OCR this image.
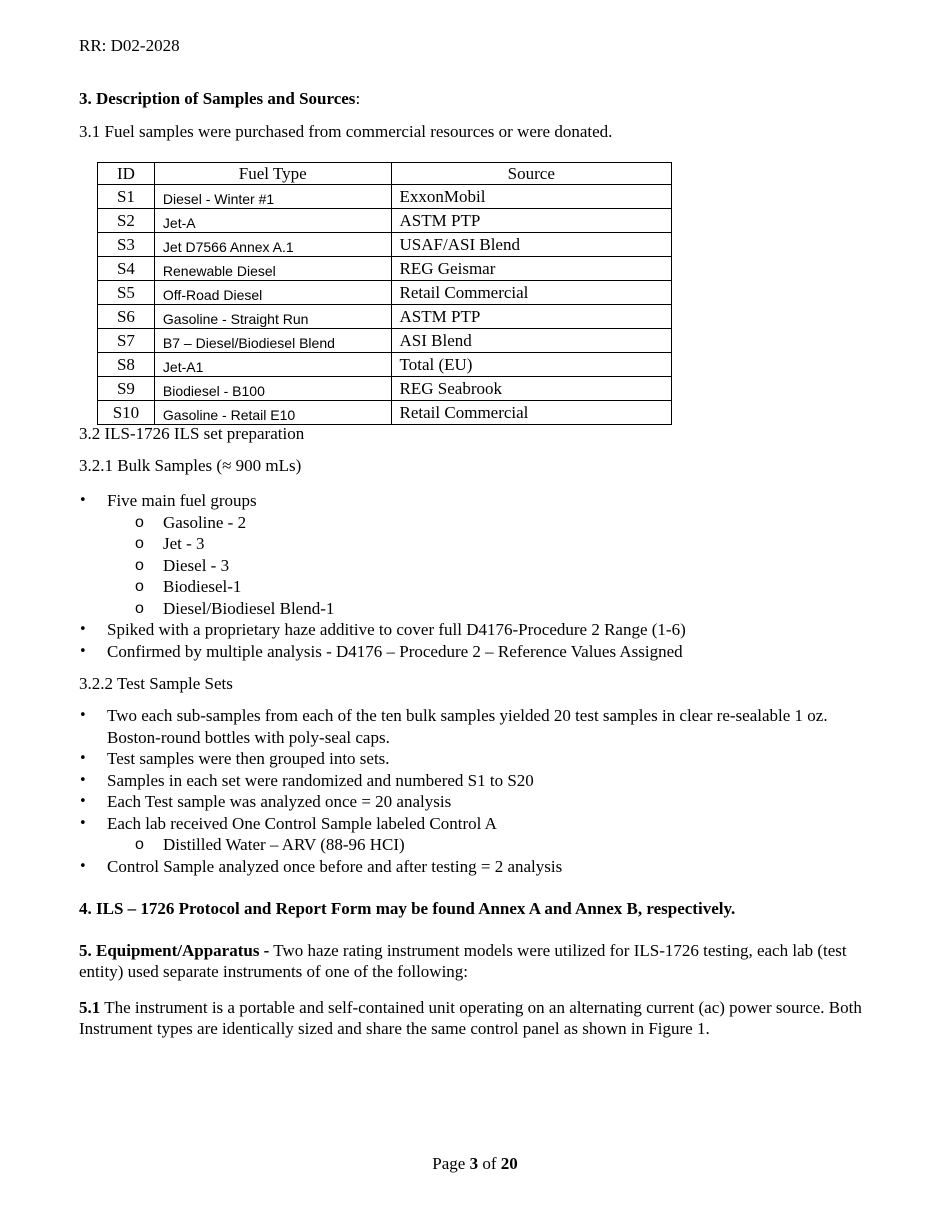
RR: D02-2028
3. Description of Samples and Sources:
3.1 Fuel samples were purchased from commercial resources or were donated.
ID	Fuel Type	Source
S1	Diesel - Winter #1	ExxonMobil
S2	Jet-A	ASTM PTP
S3	Jet D7566 Annex A.1	USAF/ASI Blend
S4	Renewable Diesel	REG Geismar
S5	Off-Road Diesel	Retail Commercial
S6	Gasoline - Straight Run	ASTM PTP
S7	B7 – Diesel/Biodiesel Blend	ASI Blend
S8	Jet-A1	Total (EU)
S9	Biodiesel - B100	REG Seabrook
S10	Gasoline - Retail E10	Retail Commercial
3.2 ILS-1726 ILS set preparation
3.2.1 Bulk Samples (≈ 900 mLs)
• Five main fuel groups
o Gasoline - 2
o Jet - 3
o Diesel - 3
o Biodiesel-1
o Diesel/Biodiesel Blend-1
• Spiked with a proprietary haze additive to cover full D4176-Procedure 2 Range (1-6)
• Confirmed by multiple analysis - D4176 – Procedure 2 – Reference Values Assigned
3.2.2 Test Sample Sets
• Two each sub-samples from each of the ten bulk samples yielded 20 test samples in clear re-sealable 1 oz. Boston-round bottles with poly-seal caps.
• Test samples were then grouped into sets.
• Samples in each set were randomized and numbered S1 to S20
• Each Test sample was analyzed once = 20 analysis
• Each lab received One Control Sample labeled Control A
o Distilled Water – ARV (88-96 HCI)
• Control Sample analyzed once before and after testing = 2 analysis
4. ILS – 1726 Protocol and Report Form may be found Annex A and Annex B, respectively.
5. Equipment/Apparatus - Two haze rating instrument models were utilized for ILS-1726 testing, each lab (test entity) used separate instruments of one of the following:
5.1 The instrument is a portable and self-contained unit operating on an alternating current (ac) power source. Both Instrument types are identically sized and share the same control panel as shown in Figure 1.
Page 3 of 20
